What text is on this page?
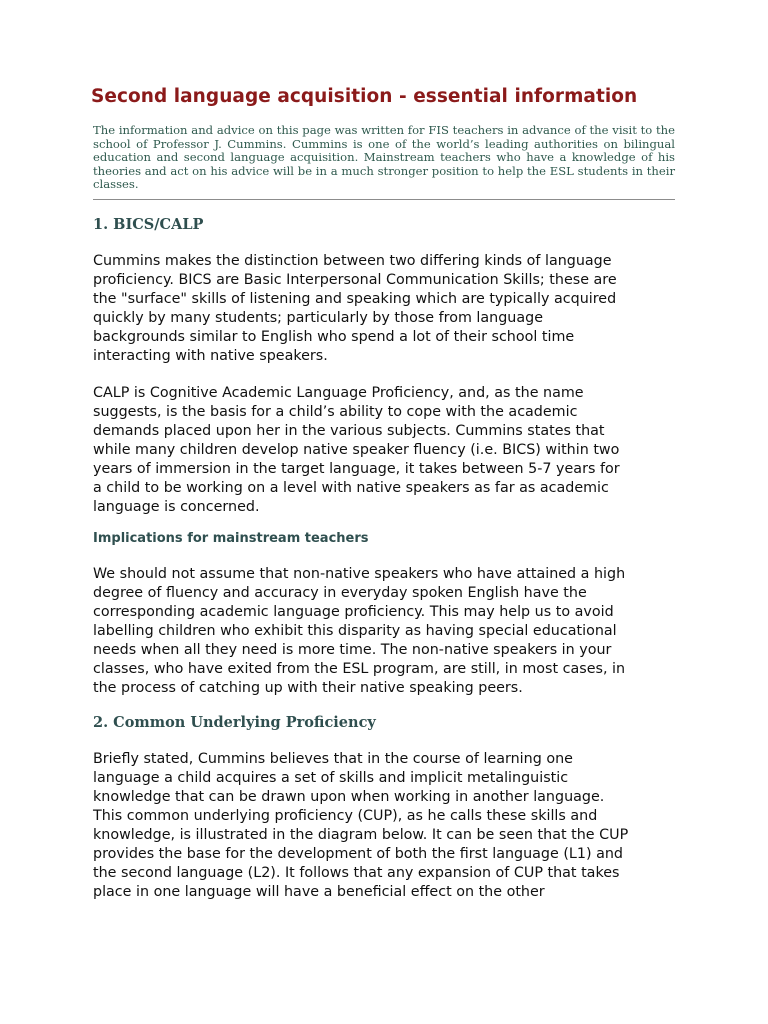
Second language acquisition - essential information

The information and advice on this page was written for FIS teachers in advance of the visit to the school of Professor J. Cummins. Cummins is one of the world’s leading authorities on bilingual education and second language acquisition. Mainstream teachers who have a knowledge of his theories and act on his advice will be in a much stronger position to help the ESL students in their classes.

1. BICS/CALP
Cummins makes the distinction between two differing kinds of language
proficiency. BICS are Basic Interpersonal Communication Skills; these are
the "surface" skills of listening and speaking which are typically acquired
quickly by many students; particularly by those from language
backgrounds similar to English who spend a lot of their school time
interacting with native speakers.
CALP is Cognitive Academic Language Proficiency, and, as the name
suggests, is the basis for a child’s ability to cope with the academic
demands placed upon her in the various subjects. Cummins states that
while many children develop native speaker fluency (i.e. BICS) within two
years of immersion in the target language, it takes between 5-7 years for
a child to be working on a level with native speakers as far as academic
language is concerned.
Implications for mainstream teachers
We should not assume that non-native speakers who have attained a high
degree of fluency and accuracy in everyday spoken English have the
corresponding academic language proficiency. This may help us to avoid
labelling children who exhibit this disparity as having special educational
needs when all they need is more time. The non-native speakers in your
classes, who have exited from the ESL program, are still, in most cases, in
the process of catching up with their native speaking peers.
2. Common Underlying Proficiency
Briefly stated, Cummins believes that in the course of learning one
language a child acquires a set of skills and implicit metalinguistic
knowledge that can be drawn upon when working in another language.
This common underlying proficiency (CUP), as he calls these skills and
knowledge, is illustrated in the diagram below. It can be seen that the CUP
provides the base for the development of both the first language (L1) and
the second language (L2). It follows that any expansion of CUP that takes
place in one language will have a beneficial effect on the other
